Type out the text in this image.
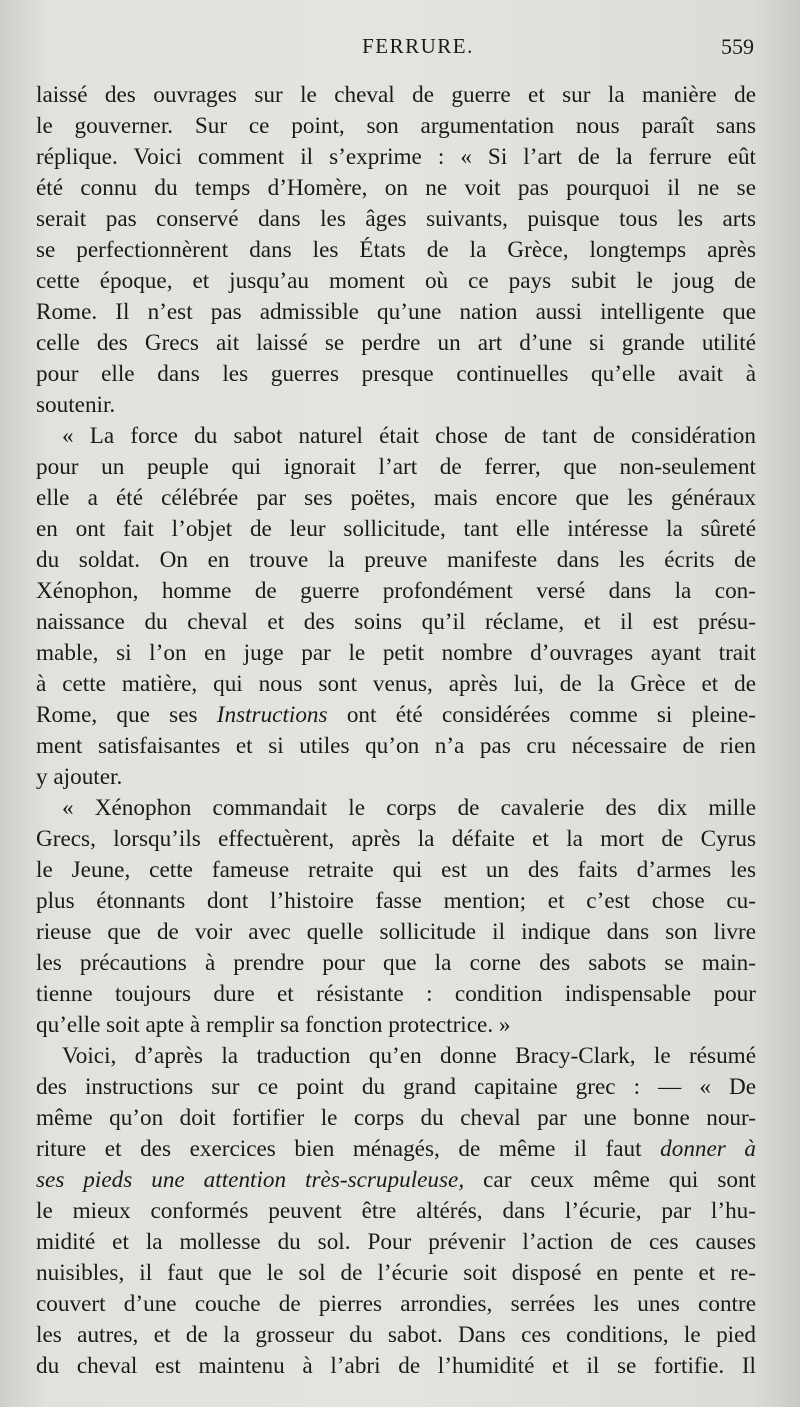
FERRURE.	559

laissé des ouvrages sur le cheval de guerre et sur la manière de
le gouverner. Sur ce point, son argumentation nous paraît sans
réplique. Voici comment il s’exprime : « Si l’art de la ferrure eût
été connu du temps d’Homère, on ne voit pas pourquoi il ne se
serait pas conservé dans les âges suivants, puisque tous les arts
se perfectionnèrent dans les États de la Grèce, longtemps après
cette époque, et jusqu’au moment où ce pays subit le joug de
Rome. Il n’est pas admissible qu’une nation aussi intelligente que
celle des Grecs ait laissé se perdre un art d’une si grande utilité
pour elle dans les guerres presque continuelles qu’elle avait à
soutenir.

« La force du sabot naturel était chose de tant de considération
pour un peuple qui ignorait l’art de ferrer, que non-seulement
elle a été célébrée par ses poëtes, mais encore que les généraux
en ont fait l’objet de leur sollicitude, tant elle intéresse la sûreté
du soldat. On en trouve la preuve manifeste dans les écrits de
Xénophon, homme de guerre profondément versé dans la con-
naissance du cheval et des soins qu’il réclame, et il est présu-
mable, si l’on en juge par le petit nombre d’ouvrages ayant trait
à cette matière, qui nous sont venus, après lui, de la Grèce et de
Rome, que ses Instructions ont été considérées comme si pleine-
ment satisfaisantes et si utiles qu’on n’a pas cru nécessaire de rien
y ajouter.

« Xénophon commandait le corps de cavalerie des dix mille
Grecs, lorsqu’ils effectuèrent, après la défaite et la mort de Cyrus
le Jeune, cette fameuse retraite qui est un des faits d’armes les
plus étonnants dont l’histoire fasse mention; et c’est chose cu-
rieuse que de voir avec quelle sollicitude il indique dans son livre
les précautions à prendre pour que la corne des sabots se main-
tienne toujours dure et résistante : condition indispensable pour
qu’elle soit apte à remplir sa fonction protectrice. »

Voici, d’après la traduction qu’en donne Bracy-Clark, le résumé
des instructions sur ce point du grand capitaine grec : — « De
même qu’on doit fortifier le corps du cheval par une bonne nour-
riture et des exercices bien ménagés, de même il faut donner à
ses pieds une attention très-scrupuleuse, car ceux même qui sont
le mieux conformés peuvent être altérés, dans l’écurie, par l’hu-
midité et la mollesse du sol. Pour prévenir l’action de ces causes
nuisibles, il faut que le sol de l’écurie soit disposé en pente et re-
couvert d’une couche de pierres arrondies, serrées les unes contre
les autres, et de la grosseur du sabot. Dans ces conditions, le pied
du cheval est maintenu à l’abri de l’humidité et il se fortifie. Il
